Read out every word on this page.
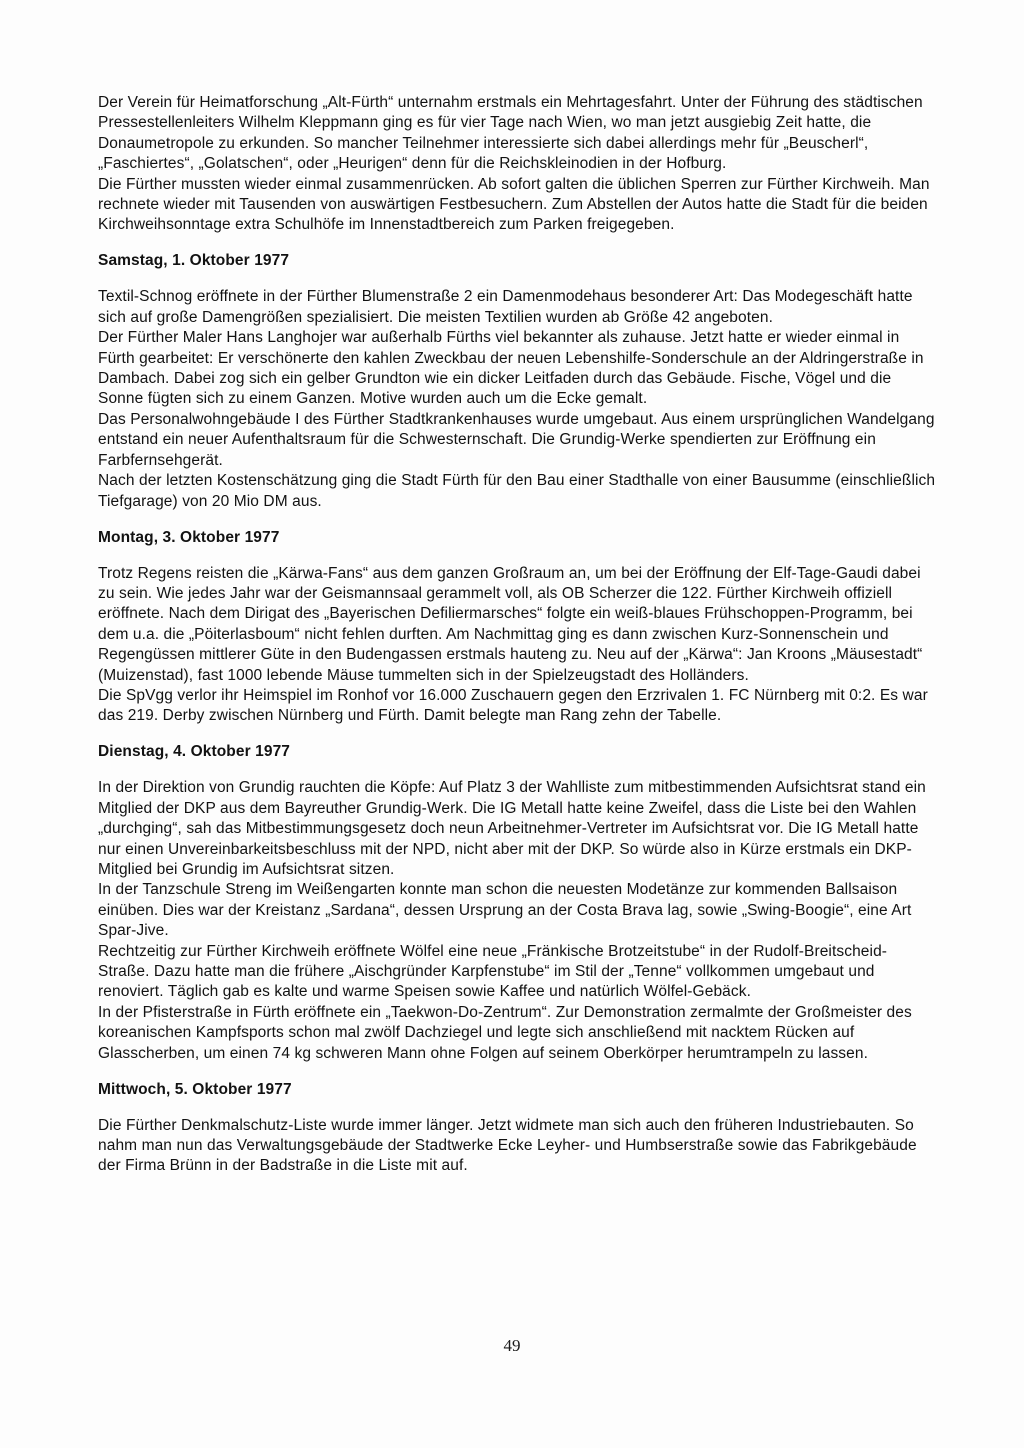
Der Verein für Heimatforschung „Alt-Fürth“ unternahm erstmals ein Mehrtagesfahrt. Unter der Führung des städtischen Pressestellenleiters Wilhelm Kleppmann ging es für vier Tage nach Wien, wo man jetzt ausgiebig Zeit hatte, die Donaumetropole zu erkunden. So mancher Teilnehmer interessierte sich dabei allerdings mehr für „Beuscherl“, „Faschiertes“, „Golatschen“, oder „Heurigen“ denn für die Reichskleinodien in der Hofburg.

Die Fürther mussten wieder einmal zusammenrücken. Ab sofort galten die üblichen Sperren zur Fürther Kirchweih. Man rechnete wieder mit Tausenden von auswärtigen Festbesuchern. Zum Abstellen der Autos hatte die Stadt für die beiden Kirchweihsonntage extra Schulhöfe im Innenstadtbereich zum Parken freigegeben.

Samstag, 1. Oktober 1977

Textil-Schnog eröffnete in der Fürther Blumenstraße 2 ein Damenmodehaus besonderer Art: Das Modegeschäft hatte sich auf große Damengrößen spezialisiert. Die meisten Textilien wurden ab Größe 42 angeboten.

Der Fürther Maler Hans Langhojer war außerhalb Fürths viel bekannter als zuhause. Jetzt hatte er wieder einmal in Fürth gearbeitet: Er verschönerte den kahlen Zweckbau der neuen Lebenshilfe-Sonderschule an der Aldringerstraße in Dambach. Dabei zog sich ein gelber Grundton wie ein dicker Leitfaden durch das Gebäude. Fische, Vögel und die Sonne fügten sich zu einem Ganzen. Motive wurden auch um die Ecke gemalt.

Das Personalwohngebäude I des Fürther Stadtkrankenhauses wurde umgebaut. Aus einem ursprünglichen Wandelgang entstand ein neuer Aufenthaltsraum für die Schwesternschaft. Die Grundig-Werke spendierten zur Eröffnung ein Farbfernsehgerät.

Nach der letzten Kostenschätzung ging die Stadt Fürth für den Bau einer Stadthalle von einer Bausumme (einschließlich Tiefgarage) von 20 Mio DM aus.

Montag, 3. Oktober 1977

Trotz Regens reisten die „Kärwa-Fans“ aus dem ganzen Großraum an, um bei der Eröffnung der Elf-Tage-Gaudi dabei zu sein. Wie jedes Jahr war der Geismannsaal gerammelt voll, als OB Scherzer die 122. Fürther Kirchweih offiziell eröffnete. Nach dem Dirigat des „Bayerischen Defiliermarsches“ folgte ein weiß-blaues Frühschoppen-Programm, bei dem u.a. die „Pöiterlasboum“ nicht fehlen durften. Am Nachmittag ging es dann zwischen Kurz-Sonnenschein und Regengüssen mittlerer Güte in den Budengassen erstmals hauteng zu. Neu auf der „Kärwa“: Jan Kroons „Mäusestadt“ (Muizenstad), fast 1000 lebende Mäuse tummelten sich in der Spielzeugstadt des Holländers.

Die SpVgg verlor ihr Heimspiel im Ronhof vor 16.000 Zuschauern gegen den Erzrivalen 1. FC Nürnberg mit 0:2. Es war das 219. Derby zwischen Nürnberg und Fürth. Damit belegte man Rang zehn der Tabelle.

Dienstag, 4. Oktober 1977

In der Direktion von Grundig rauchten die Köpfe: Auf Platz 3 der Wahlliste zum mitbestimmenden Aufsichtsrat stand ein Mitglied der DKP aus dem Bayreuther Grundig-Werk. Die IG Metall hatte keine Zweifel, dass die Liste bei den Wahlen „durchging“, sah das Mitbestimmungsgesetz doch neun Arbeitnehmer-Vertreter im Aufsichtsrat vor. Die IG Metall hatte nur einen Unvereinbarkeitsbeschluss mit der NPD, nicht aber mit der DKP. So würde also in Kürze erstmals ein DKP-Mitglied bei Grundig im Aufsichtsrat sitzen.

In der Tanzschule Streng im Weißengarten konnte man schon die neuesten Modetänze zur kommenden Ballsaison einüben. Dies war der Kreistanz „Sardana“, dessen Ursprung an der Costa Brava lag, sowie „Swing-Boogie“, eine Art Spar-Jive.

Rechtzeitig zur Fürther Kirchweih eröffnete Wölfel eine neue „Fränkische Brotzeitstube“ in der Rudolf-Breitscheid-Straße. Dazu hatte man die frühere „Aischgründer Karpfenstube“ im Stil der „Tenne“ vollkommen umgebaut und renoviert. Täglich gab es kalte und warme Speisen sowie Kaffee und natürlich Wölfel-Gebäck.

In der Pfisterstraße in Fürth eröffnete ein „Taekwon-Do-Zentrum“. Zur Demonstration zermalmte der Großmeister des koreanischen Kampfsports schon mal zwölf Dachziegel und legte sich anschließend mit nacktem Rücken auf Glasscherben, um einen 74 kg schweren Mann ohne Folgen auf seinem Oberkörper herumtrampeln zu lassen.

Mittwoch, 5. Oktober 1977

Die Fürther Denkmalschutz-Liste wurde immer länger. Jetzt widmete man sich auch den früheren Industriebauten. So nahm man nun das Verwaltungsgebäude der Stadtwerke Ecke Leyher- und Humbserstraße sowie das Fabrikgebäude der Firma Brünn in der Badstraße in die Liste mit auf.

49
